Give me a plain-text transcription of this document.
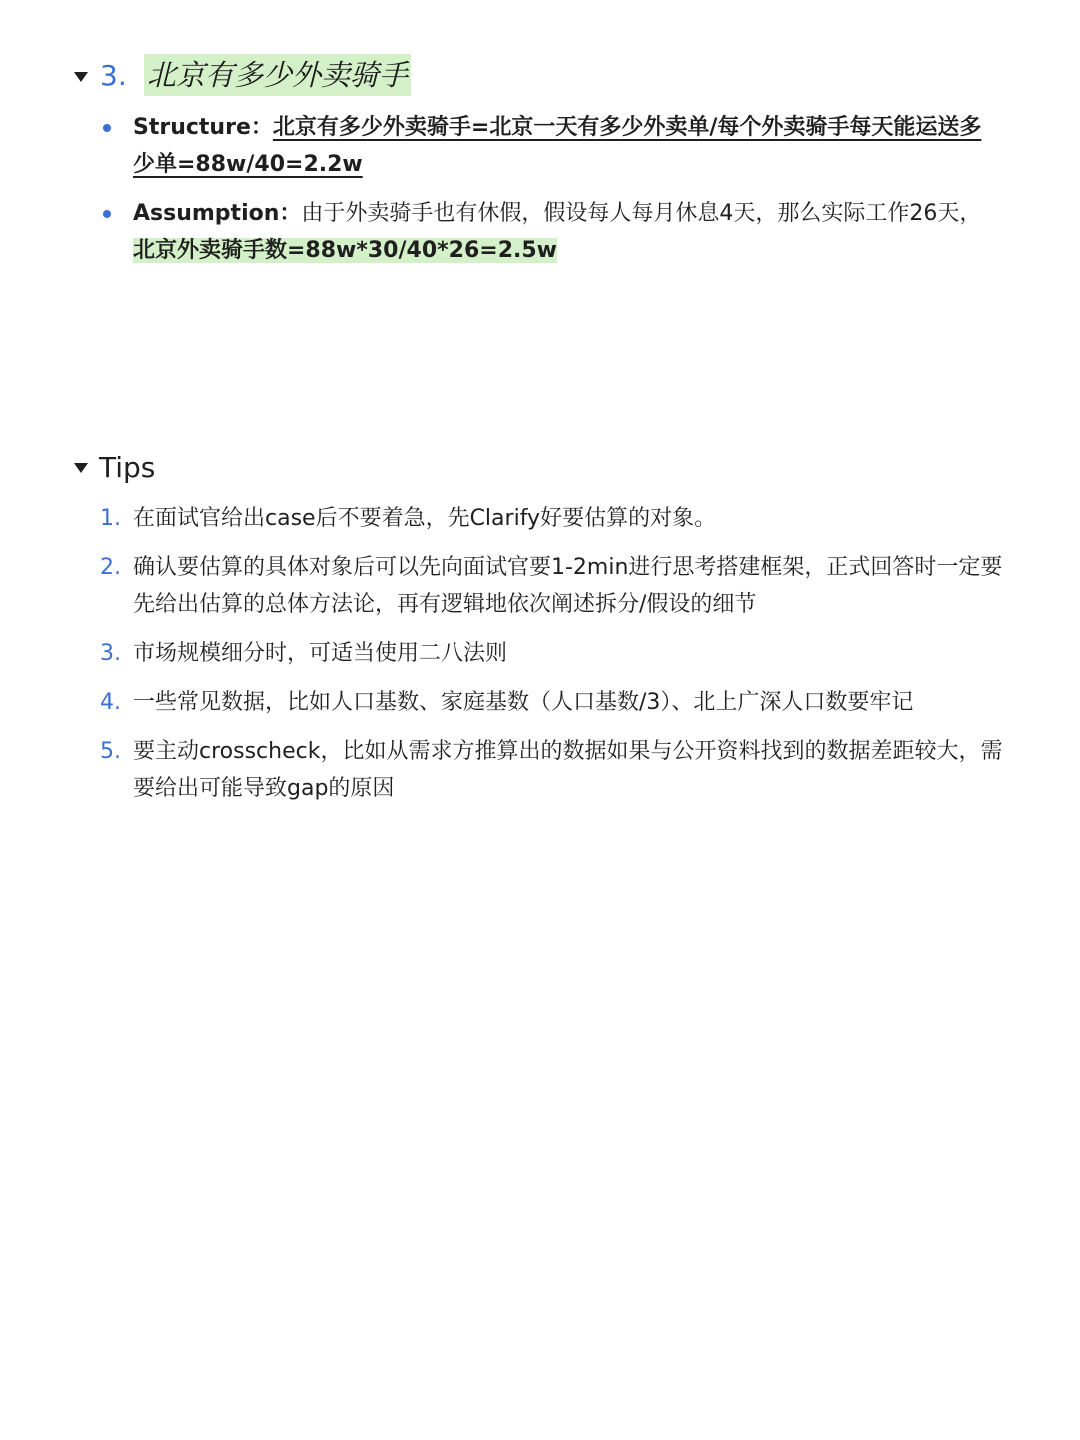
3. 北京有多少外卖骑手

Structure：北京有多少外卖骑手=北京一天有多少外卖单/每个外卖骑手每天能运送多少单=88w/40=2.2w

Assumption：由于外卖骑手也有休假，假设每人每月休息4天，那么实际工作26天，北京外卖骑手数=88w*30/40*26=2.5w

Tips
1. 在面试官给出case后不要着急，先Clarify好要估算的对象。

2. 确认要估算的具体对象后可以先向面试官要1-2min进行思考搭建框架，正式回答时一定要先给出估算的总体方法论，再有逻辑地依次阐述拆分/假设的细节

3. 市场规模细分时，可适当使用二八法则

4. 一些常见数据，比如人口基数、家庭基数（人口基数/3）、北上广深人口数要牢记

5. 要主动crosscheck，比如从需求方推算出的数据如果与公开资料找到的数据差距较大，需要给出可能导致gap的原因
